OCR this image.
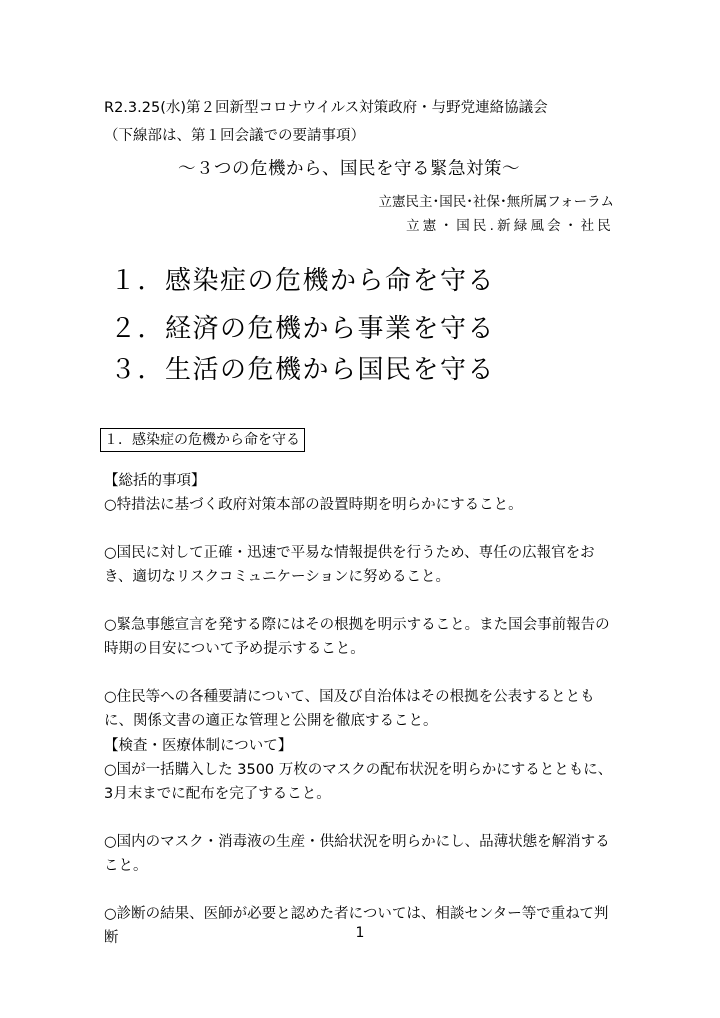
R2.3.25(水)第２回新型コロナウイルス対策政府・与野党連絡協議会
（下線部は、第１回会議での要請事項）
～３つの危機から、国民を守る緊急対策～
立憲民主･国民･社保･無所属フォーラム
立憲・国民.新緑風会・社民
１．感染症の危機から命を守る
２．経済の危機から事業を守る
３．生活の危機から国民を守る
１．感染症の危機から命を守る
【総括的事項】
○特措法に基づく政府対策本部の設置時期を明らかにすること。
○国民に対して正確・迅速で平易な情報提供を行うため、専任の広報官をおき、適切なリスクコミュニケーションに努めること。
○緊急事態宣言を発する際にはその根拠を明示すること。また国会事前報告の時期の目安について予め提示すること。
○住民等への各種要請について、国及び自治体はその根拠を公表するとともに、関係文書の適正な管理と公開を徹底すること。
【検査・医療体制について】
○国が一括購入した 3500 万枚のマスクの配布状況を明らかにするとともに、3月末までに配布を完了すること。
○国内のマスク・消毒液の生産・供給状況を明らかにし、品薄状態を解消すること。
○診断の結果、医師が必要と認めた者については、相談センター等で重ねて判断	1
